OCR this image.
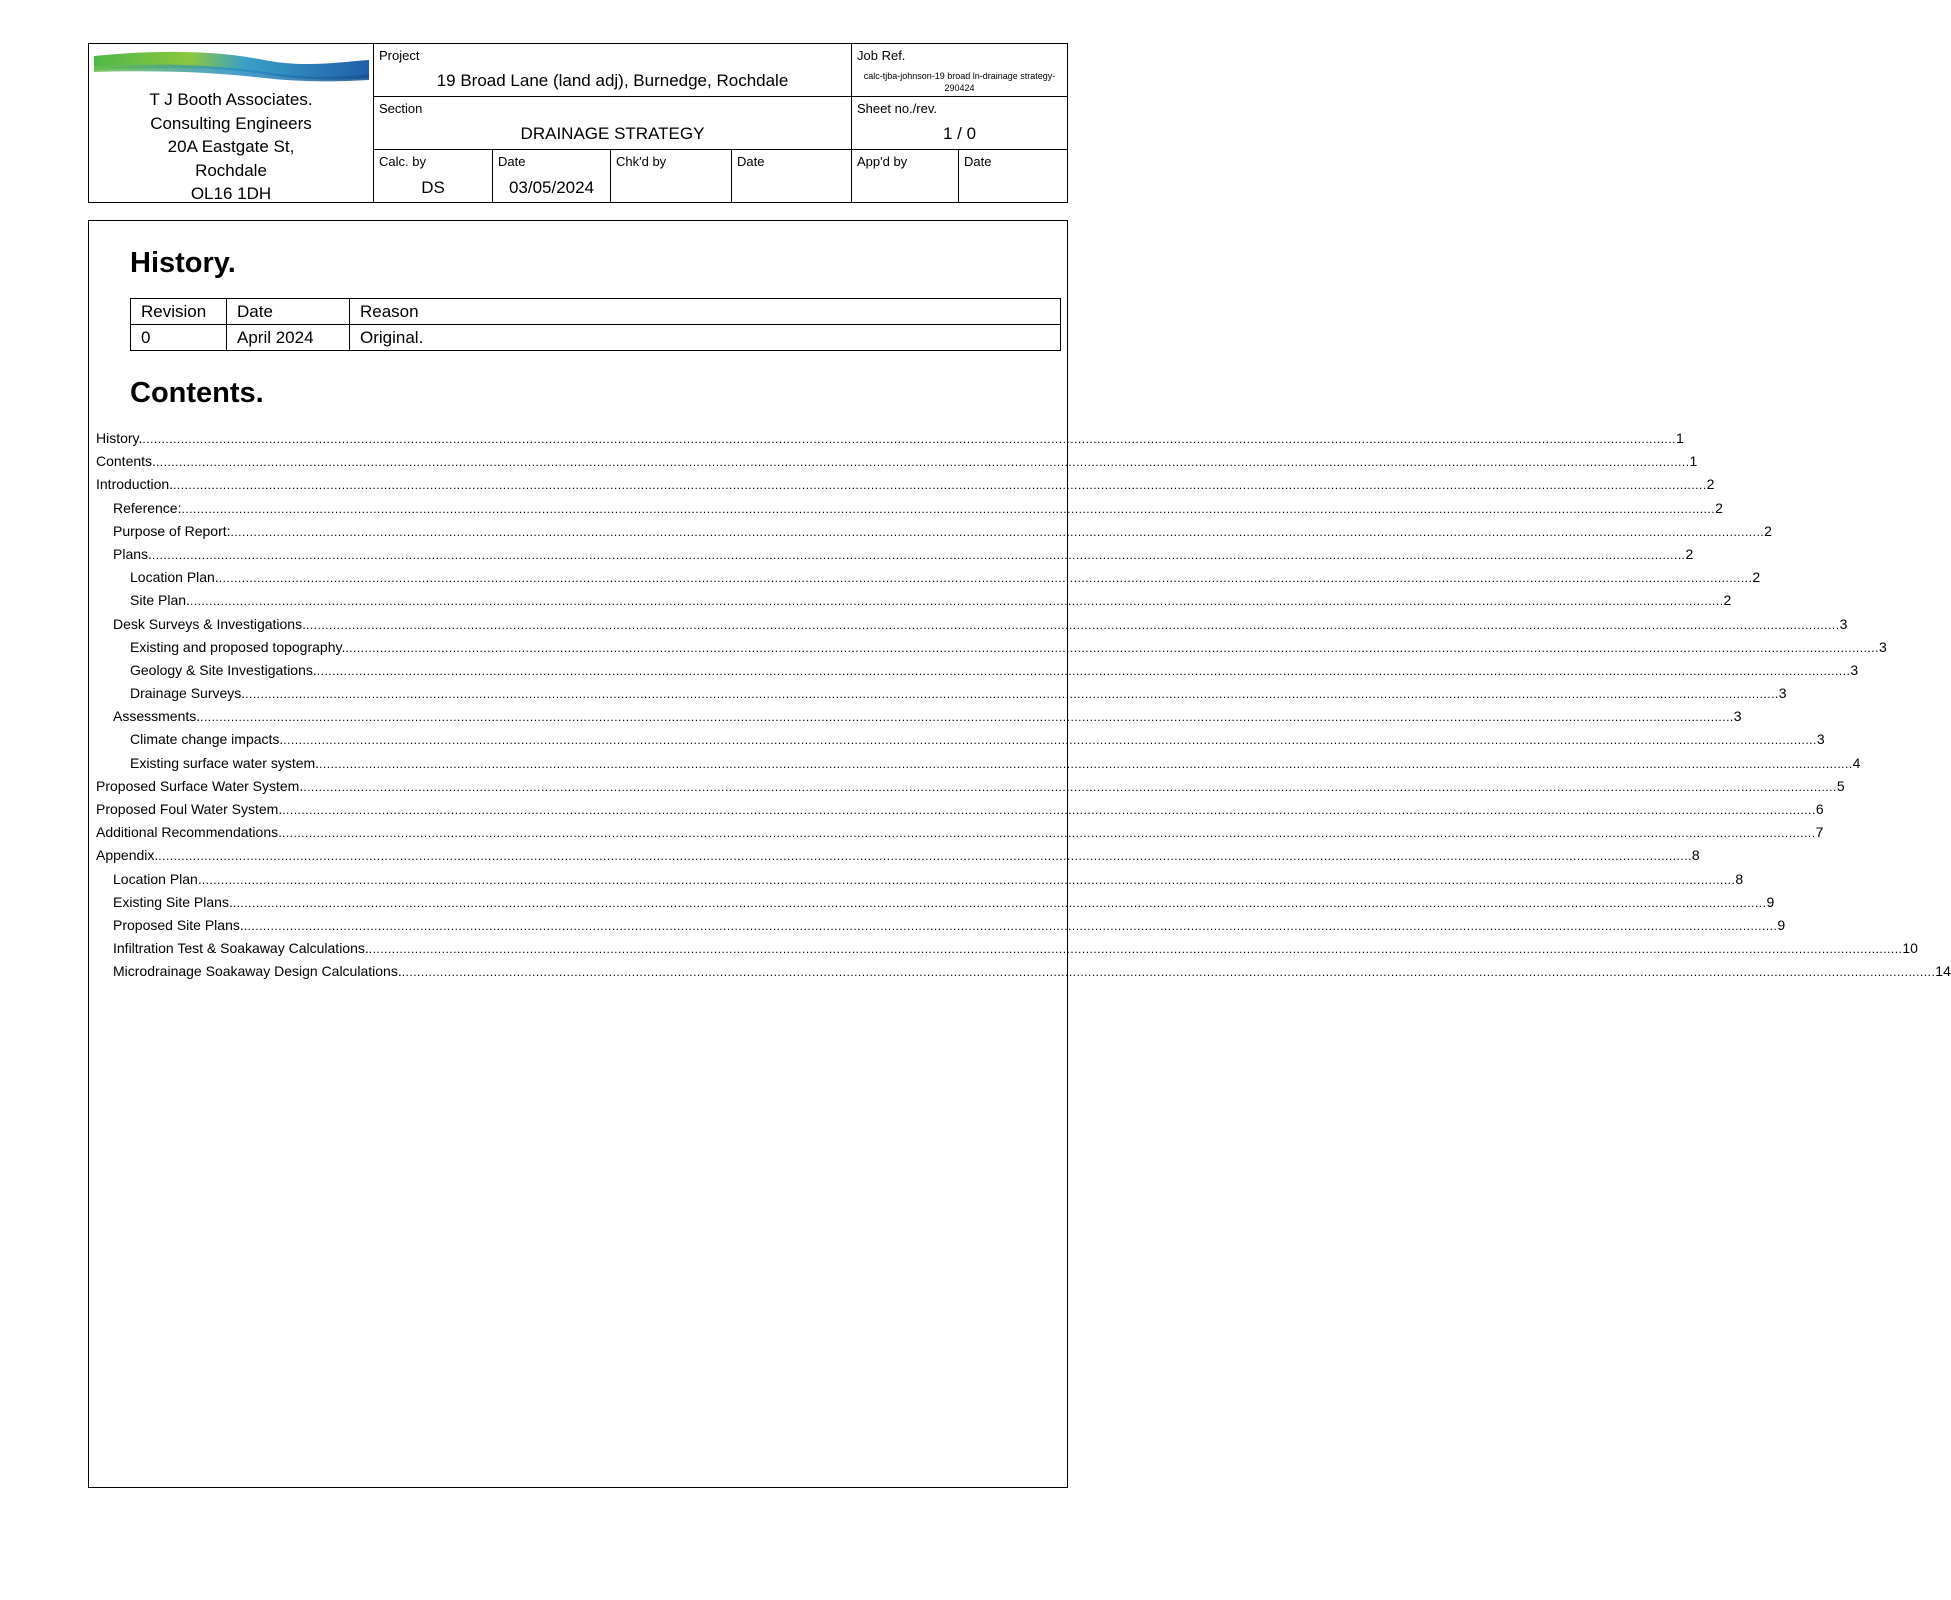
T J Booth Associates.
Consulting Engineers
20A Eastgate St,
Rochdale
OL16 1DH
Project
19 Broad Lane (land adj), Burnedge, Rochdale
Job Ref.
calc-tjba-johnson-19 broad ln-drainage strategy-290424
Section
DRAINAGE STRATEGY
Sheet no./rev.
1 / 0
Calc. by
DS
Date
03/05/2024
Chk'd by	Date	App'd by	Date
History.
Revision	Date	Reason
0	April 2024	Original.
Contents.
History. ................................................................................................................................................................................................................................................................................................................................................................................................................ 1
Contents. ................................................................................................................................................................................................................................................................................................................................................................................................................ 1
Introduction. ................................................................................................................................................................................................................................................................................................................................................................................................................ 2
Reference: ................................................................................................................................................................................................................................................................................................................................................................................................................ 2
Purpose of Report: ................................................................................................................................................................................................................................................................................................................................................................................................................ 2
Plans. ................................................................................................................................................................................................................................................................................................................................................................................................................ 2
Location Plan. ................................................................................................................................................................................................................................................................................................................................................................................................................ 2
Site Plan. ................................................................................................................................................................................................................................................................................................................................................................................................................ 2
Desk Surveys & Investigations. ................................................................................................................................................................................................................................................................................................................................................................................................................ 3
Existing and proposed topography. ................................................................................................................................................................................................................................................................................................................................................................................................................ 3
Geology & Site Investigations. ................................................................................................................................................................................................................................................................................................................................................................................................................ 3
Drainage Surveys. ................................................................................................................................................................................................................................................................................................................................................................................................................ 3
Assessments. ................................................................................................................................................................................................................................................................................................................................................................................................................ 3
Climate change impacts. ................................................................................................................................................................................................................................................................................................................................................................................................................ 3
Existing surface water system. ................................................................................................................................................................................................................................................................................................................................................................................................................ 4
Proposed Surface Water System. ................................................................................................................................................................................................................................................................................................................................................................................................................ 5
Proposed Foul Water System. ................................................................................................................................................................................................................................................................................................................................................................................................................ 6
Additional Recommendations. ................................................................................................................................................................................................................................................................................................................................................................................................................ 7
Appendix. ................................................................................................................................................................................................................................................................................................................................................................................................................ 8
Location Plan. ................................................................................................................................................................................................................................................................................................................................................................................................................ 8
Existing Site Plans. ................................................................................................................................................................................................................................................................................................................................................................................................................ 9
Proposed Site Plans. ................................................................................................................................................................................................................................................................................................................................................................................................................ 9
Infiltration Test & Soakaway Calculations. ................................................................................................................................................................................................................................................................................................................................................................................................................ 10
Microdrainage Soakaway Design Calculations. ................................................................................................................................................................................................................................................................................................................................................................................................................ 14
